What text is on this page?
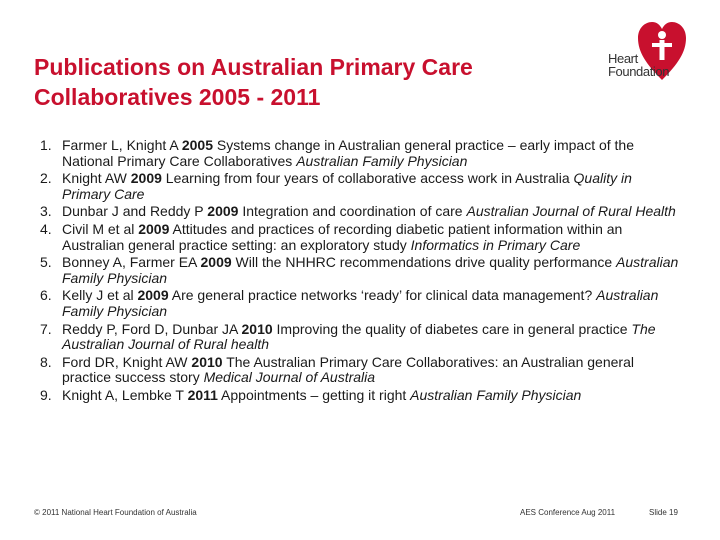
Publications on Australian Primary Care
Collaboratives 2005 - 2011
Heart
Foundation
1. Farmer L, Knight A 2005 Systems change in Australian general practice – early impact of the National Primary Care Collaboratives Australian Family Physician
2. Knight AW 2009 Learning from four years of collaborative access work in Australia Quality in Primary Care
3. Dunbar J and Reddy P 2009 Integration and coordination of care Australian Journal of Rural Health
4. Civil M et al 2009 Attitudes and practices of recording diabetic patient information within an Australian general practice setting: an exploratory study Informatics in Primary Care
5. Bonney A, Farmer EA 2009 Will the NHHRC recommendations drive quality performance Australian Family Physician
6. Kelly J et al 2009 Are general practice networks ‘ready’ for clinical data management? Australian Family Physician
7. Reddy P, Ford D, Dunbar JA 2010 Improving the quality of diabetes care in general practice The Australian Journal of Rural health
8. Ford DR, Knight AW 2010 The Australian Primary Care Collaboratives: an Australian general practice success story Medical Journal of Australia
9. Knight A, Lembke T 2011 Appointments – getting it right Australian Family Physician
© 2011 National Heart Foundation of Australia	AES Conference Aug 2011	Slide 19
